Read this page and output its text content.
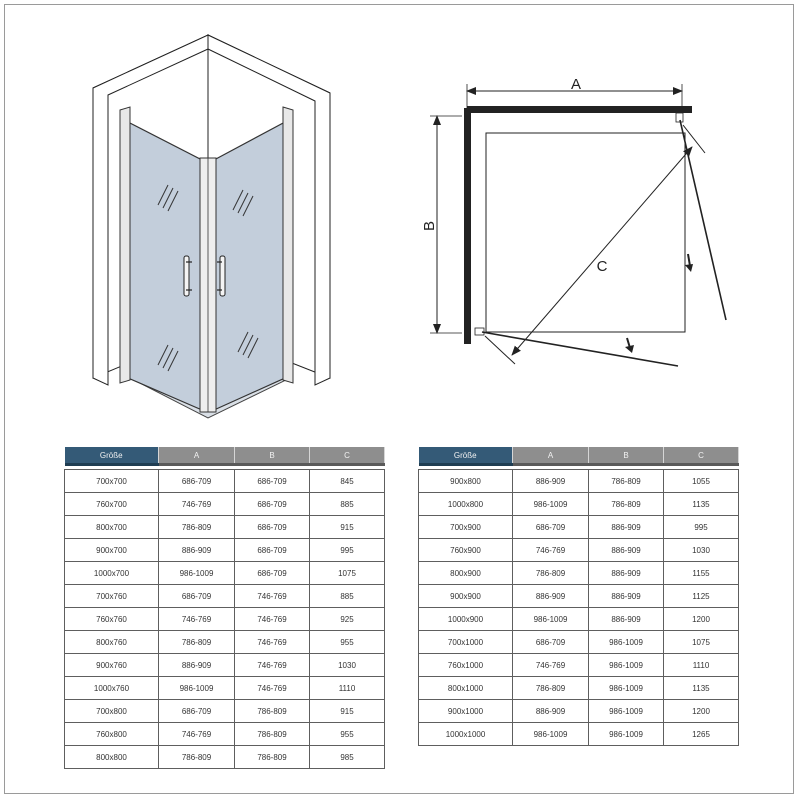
A
B
C
Größe	A	B	C

700x700	686-709	686-709	845
760x700	746-769	686-709	885
800x700	786-809	686-709	915
900x700	886-909	686-709	995
1000x700	986-1009	686-709	1075
700x760	686-709	746-769	885
760x760	746-769	746-769	925
800x760	786-809	746-769	955
900x760	886-909	746-769	1030
1000x760	986-1009	746-769	1110
700x800	686-709	786-809	915
760x800	746-769	786-809	955
800x800	786-809	786-809	985
Größe	A	B	C

900x800	886-909	786-809	1055
1000x800	986-1009	786-809	1135
700x900	686-709	886-909	995
760x900	746-769	886-909	1030
800x900	786-809	886-909	1155
900x900	886-909	886-909	1125
1000x900	986-1009	886-909	1200
700x1000	686-709	986-1009	1075
760x1000	746-769	986-1009	1110
800x1000	786-809	986-1009	1135
900x1000	886-909	986-1009	1200
1000x1000	986-1009	986-1009	1265
